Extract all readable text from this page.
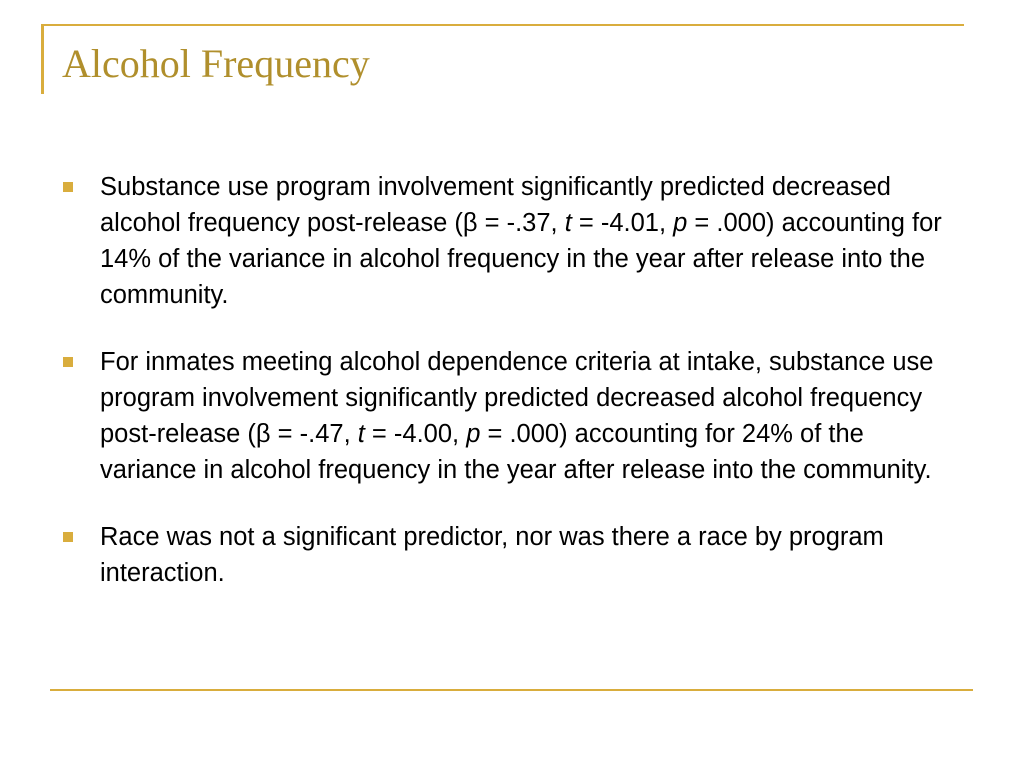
Alcohol Frequency
Substance use program involvement significantly predicted decreased alcohol frequency post-release (β = -.37, t = -4.01, p = .000) accounting for 14% of the variance in alcohol frequency in the year after release into the community.
For inmates meeting alcohol dependence criteria at intake, substance use program involvement significantly predicted decreased alcohol frequency post-release (β = -.47, t = -4.00, p = .000) accounting for 24% of the variance in alcohol frequency in the year after release into the community.
Race was not a significant predictor, nor was there a race by program interaction.
